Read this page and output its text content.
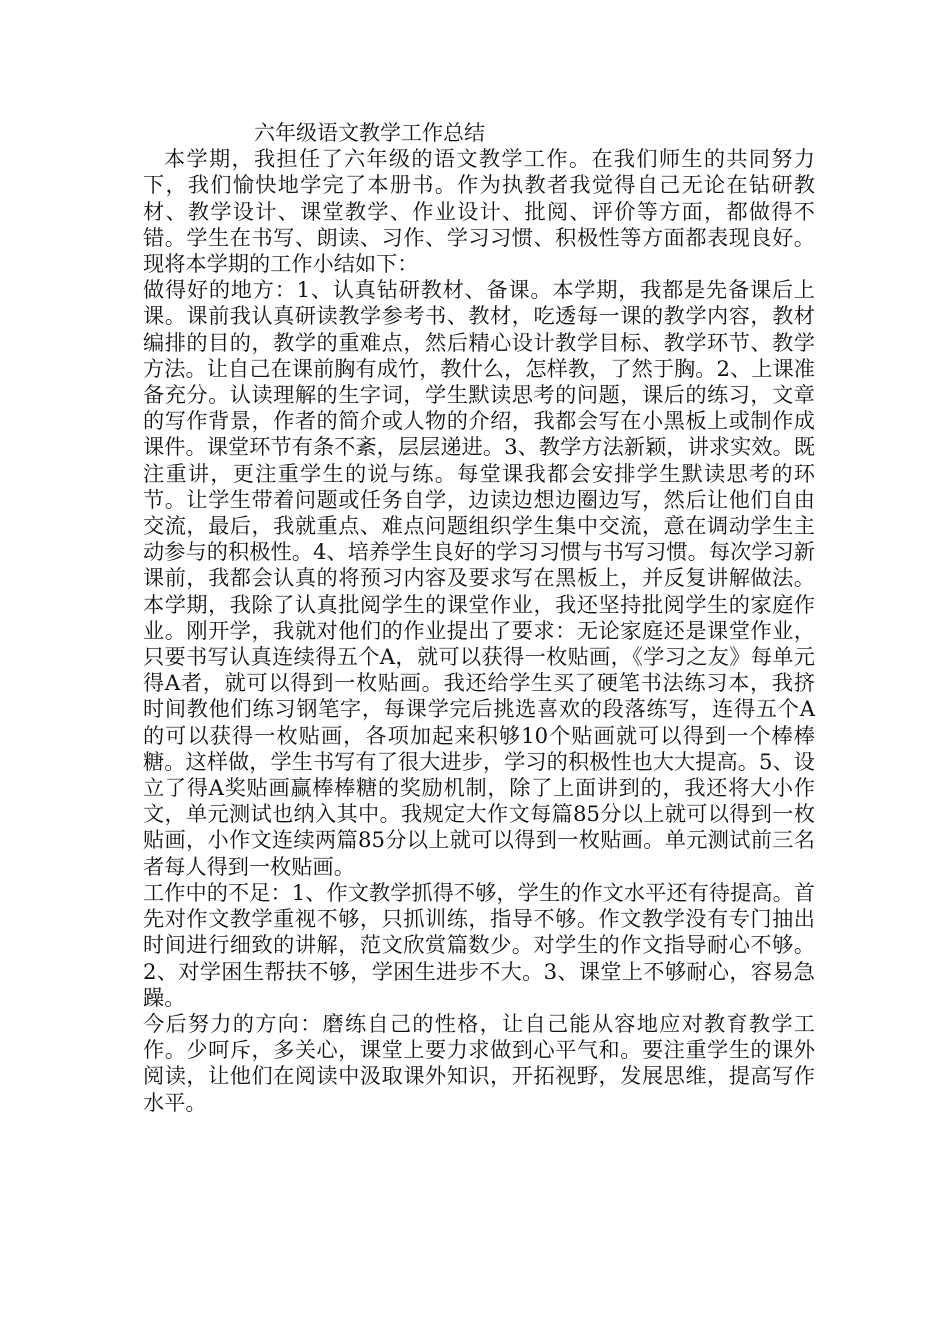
六年级语文教学工作总结

本学期，我担任了六年级的语文教学工作。在我们师生的共同努力下，我们愉快地学完了本册书。作为执教者我觉得自己无论在钻研教材、教学设计、课堂教学、作业设计、批阅、评价等方面，都做得不错。学生在书写、朗读、习作、学习习惯、积极性等方面都表现良好。现将本学期的工作小结如下：

做得好的地方：1、认真钻研教材、备课。本学期，我都是先备课后上课。课前我认真研读教学参考书、教材，吃透每一课的教学内容，教材编排的目的，教学的重难点，然后精心设计教学目标、教学环节、教学方法。让自己在课前胸有成竹，教什么，怎样教，了然于胸。2、上课准备充分。认读理解的生字词，学生默读思考的问题，课后的练习，文章的写作背景，作者的简介或人物的介绍，我都会写在小黑板上或制作成课件。课堂环节有条不紊，层层递进。3、教学方法新颖，讲求实效。既注重讲，更注重学生的说与练。每堂课我都会安排学生默读思考的环节。让学生带着问题或任务自学，边读边想边圈边写，然后让他们自由交流，最后，我就重点、难点问题组织学生集中交流，意在调动学生主动参与的积极性。4、培养学生良好的学习习惯与书写习惯。每次学习新课前，我都会认真的将预习内容及要求写在黑板上，并反复讲解做法。本学期，我除了认真批阅学生的课堂作业，我还坚持批阅学生的家庭作业。刚开学，我就对他们的作业提出了要求：无论家庭还是课堂作业，只要书写认真连续得五个A，就可以获得一枚贴画，《学习之友》每单元得A者，就可以得到一枚贴画。我还给学生买了硬笔书法练习本，我挤时间教他们练习钢笔字，每课学完后挑选喜欢的段落练写，连得五个A的可以获得一枚贴画，各项加起来积够10个贴画就可以得到一个棒棒糖。这样做，学生书写有了很大进步，学习的积极性也大大提高。5、设立了得A奖贴画赢棒棒糖的奖励机制，除了上面讲到的，我还将大小作文，单元测试也纳入其中。我规定大作文每篇85分以上就可以得到一枚贴画，小作文连续两篇85分以上就可以得到一枚贴画。单元测试前三名者每人得到一枚贴画。

工作中的不足：1、作文教学抓得不够，学生的作文水平还有待提高。首先对作文教学重视不够，只抓训练，指导不够。作文教学没有专门抽出时间进行细致的讲解，范文欣赏篇数少。对学生的作文指导耐心不够。2、对学困生帮扶不够，学困生进步不大。3、课堂上不够耐心，容易急躁。

今后努力的方向：磨练自己的性格，让自己能从容地应对教育教学工作。少呵斥，多关心，课堂上要力求做到心平气和。要注重学生的课外阅读，让他们在阅读中汲取课外知识，开拓视野，发展思维，提高写作水平。
